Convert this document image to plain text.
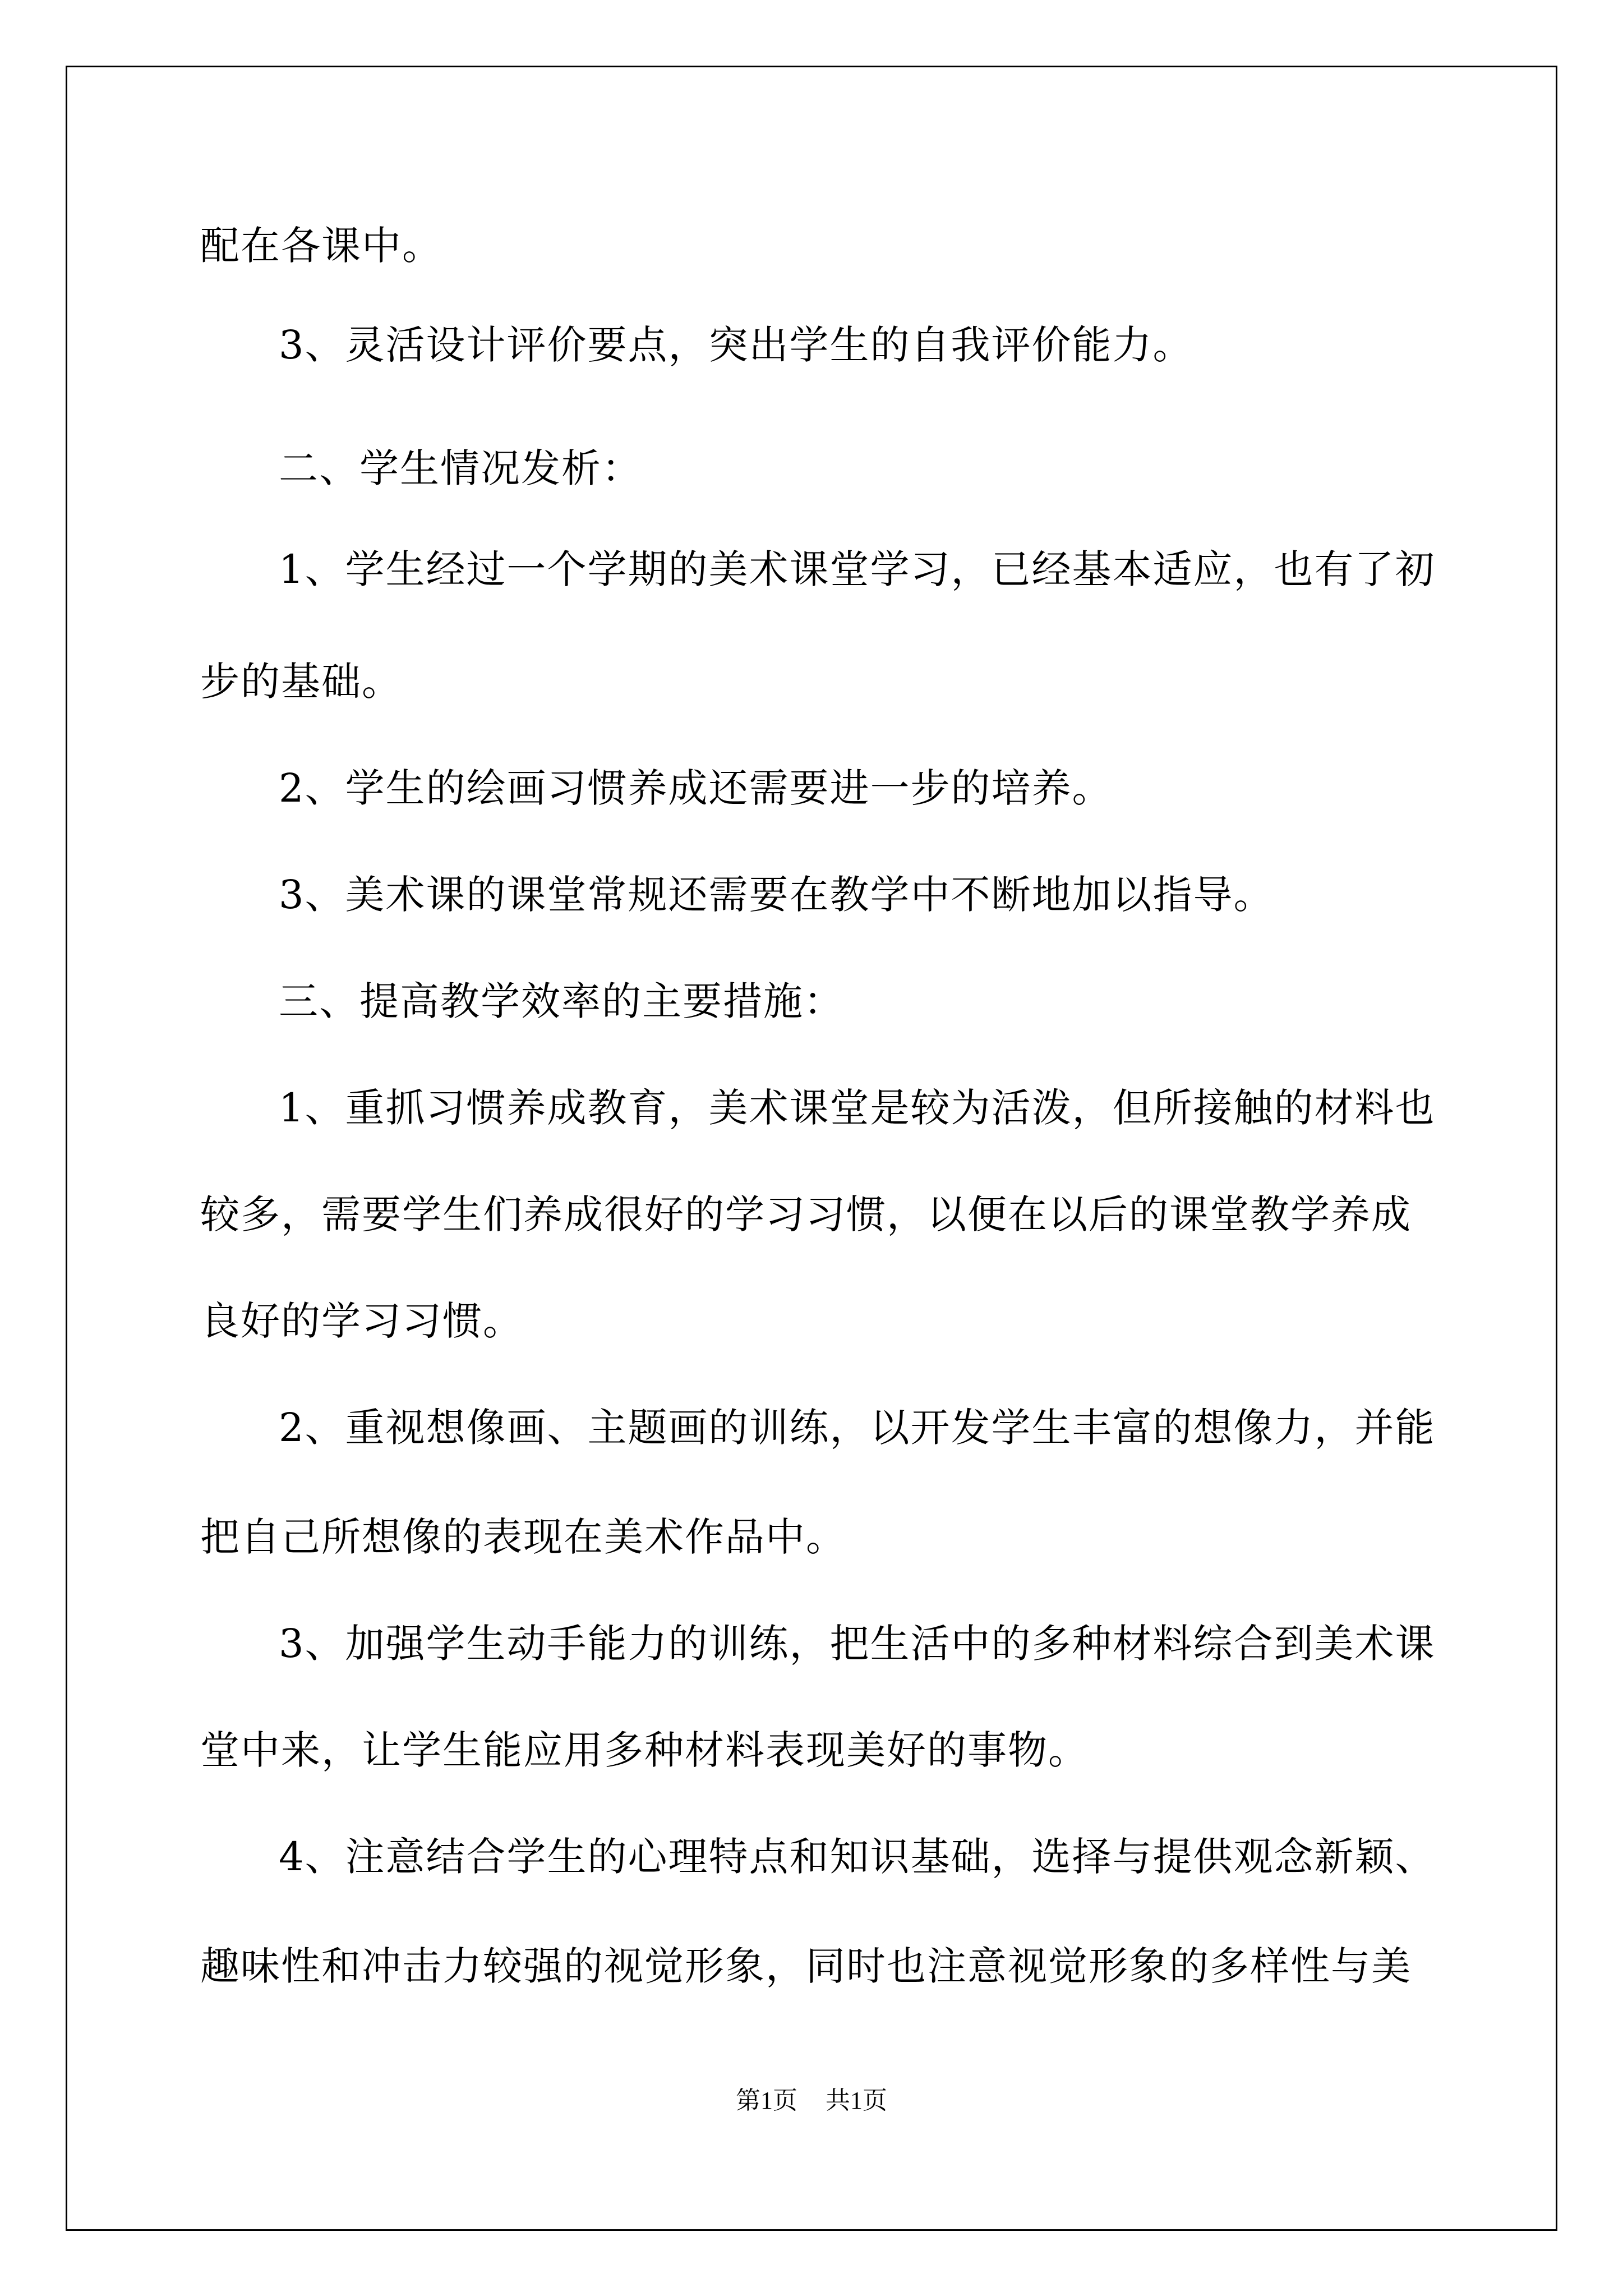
配在各课中。
3、灵活设计评价要点，突出学生的自我评价能力。
二、学生情况发析：
1、学生经过一个学期的美术课堂学习，已经基本适应，也有了初
步的基础。
2、学生的绘画习惯养成还需要进一步的培养。
3、美术课的课堂常规还需要在教学中不断地加以指导。
三、提高教学效率的主要措施：
1、重抓习惯养成教育，美术课堂是较为活泼，但所接触的材料也
较多，需要学生们养成很好的学习习惯，以便在以后的课堂教学养成
良好的学习习惯。
2、重视想像画、主题画的训练，以开发学生丰富的想像力，并能
把自己所想像的表现在美术作品中。
3、加强学生动手能力的训练，把生活中的多种材料综合到美术课
堂中来，让学生能应用多种材料表现美好的事物。
4、注意结合学生的心理特点和知识基础，选择与提供观念新颖、
趣味性和冲击力较强的视觉形象，同时也注意视觉形象的多样性与美
第1页 共1页
